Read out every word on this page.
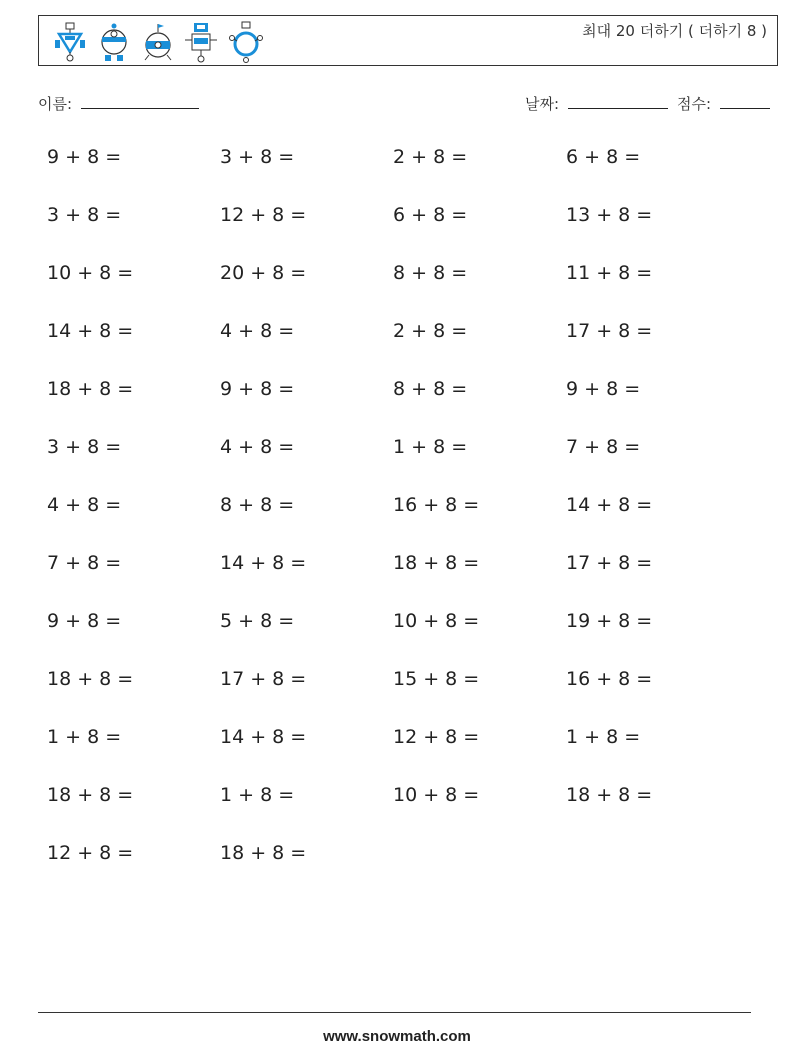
최대 20 더하기 ( 더하기 8 )
이름:	날짜:	점수:
9 + 8 =	3 + 8 =	2 + 8 =	6 + 8 =
3 + 8 =	12 + 8 =	6 + 8 =	13 + 8 =
10 + 8 =	20 + 8 =	8 + 8 =	11 + 8 =
14 + 8 =	4 + 8 =	2 + 8 =	17 + 8 =
18 + 8 =	9 + 8 =	8 + 8 =	9 + 8 =
3 + 8 =	4 + 8 =	1 + 8 =	7 + 8 =
4 + 8 =	8 + 8 =	16 + 8 =	14 + 8 =
7 + 8 =	14 + 8 =	18 + 8 =	17 + 8 =
9 + 8 =	5 + 8 =	10 + 8 =	19 + 8 =
18 + 8 =	17 + 8 =	15 + 8 =	16 + 8 =
1 + 8 =	14 + 8 =	12 + 8 =	1 + 8 =
18 + 8 =	1 + 8 =	10 + 8 =	18 + 8 =
12 + 8 =	18 + 8 =
www.snowmath.com
